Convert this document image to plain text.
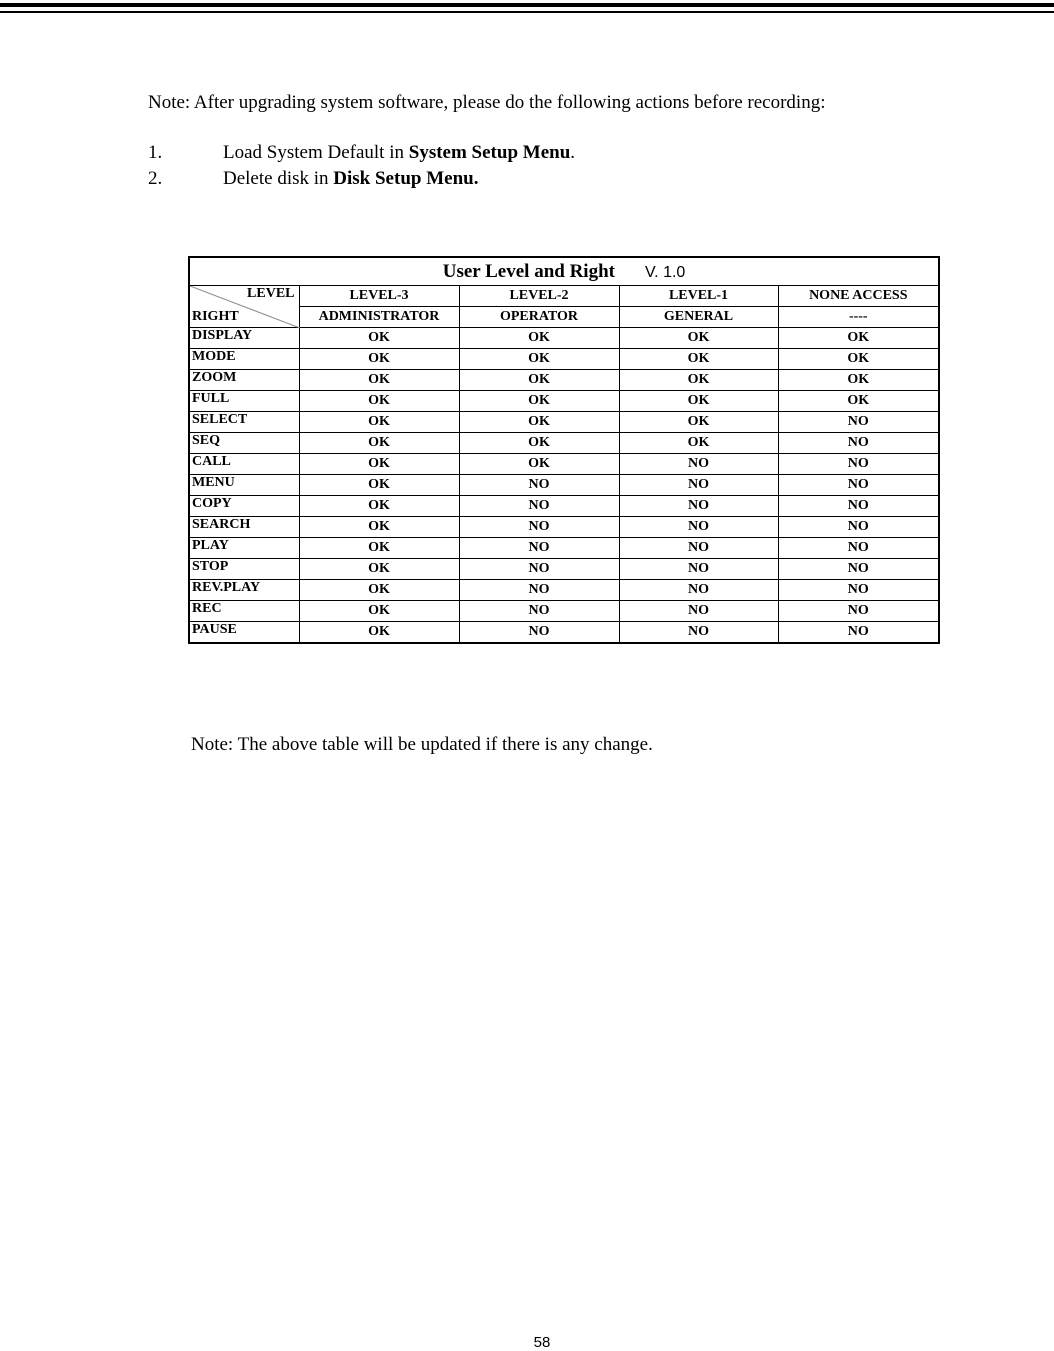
Note: After upgrading system software, please do the following actions before recording:
1.	Load System Default in System Setup Menu.
2.	Delete disk in Disk Setup Menu.
User Level and Right V. 1.0				

LEVEL
RIGHT	LEVEL-3	LEVEL-2	LEVEL-1	NONE ACCESS
	ADMINISTRATOR	OPERATOR	GENERAL	----
DISPLAY	OK	OK	OK	OK
MODE	OK	OK	OK	OK
ZOOM	OK	OK	OK	OK
FULL	OK	OK	OK	OK
SELECT	OK	OK	OK	NO
SEQ	OK	OK	OK	NO
CALL	OK	OK	NO	NO
MENU	OK	NO	NO	NO
COPY	OK	NO	NO	NO
SEARCH	OK	NO	NO	NO
PLAY	OK	NO	NO	NO
STOP	OK	NO	NO	NO
REV.PLAY	OK	NO	NO	NO
REC	OK	NO	NO	NO
PAUSE	OK	NO	NO	NO
Note: The above table will be updated if there is any change.
58
